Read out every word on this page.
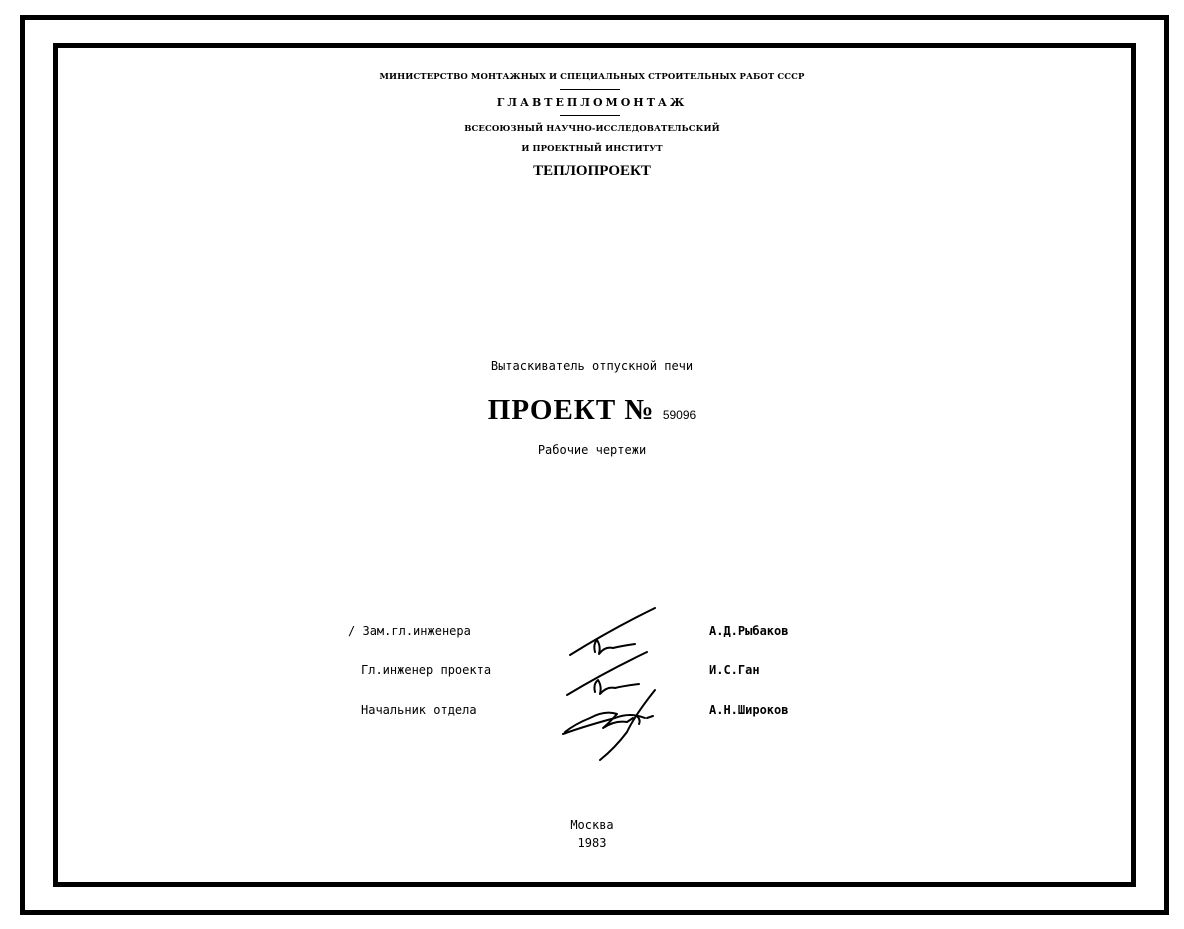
МИНИСТЕРСТВО МОНТАЖНЫХ И СПЕЦИАЛЬНЫХ СТРОИТЕЛЬНЫХ РАБОТ СССР
ГЛАВТЕПЛОМОНТАЖ
ВСЕСОЮЗНЫЙ НАУЧНО-ИССЛЕДОВАТЕЛЬСКИЙ
И ПРОЕКТНЫЙ ИНСТИТУТ
ТЕПЛОПРОЕКТ
Вытаскиватель отпускной печи
ПРОЕКТ № 59096
Рабочие чертежи
/ Зам.гл.инженера	А.Д.Рыбаков
Гл.инженер проекта	И.С.Ган
Начальник отдела	А.Н.Широков
Москва
1983
